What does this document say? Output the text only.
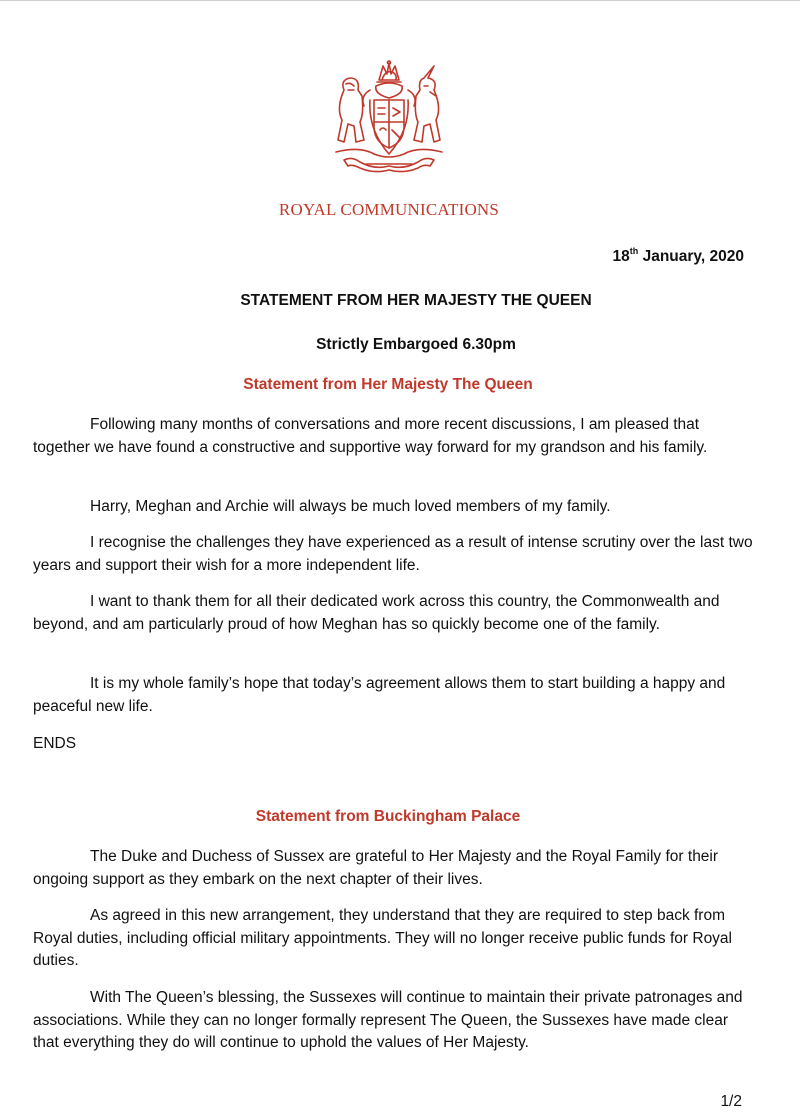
ROYAL COMMUNICATIONS
18th January, 2020
STATEMENT FROM HER MAJESTY THE QUEEN
Strictly Embargoed 6.30pm
Statement from Her Majesty The Queen

Following many months of conversations and more recent discussions, I am pleased that together we have found a constructive and supportive way forward for my grandson and his family.

Harry, Meghan and Archie will always be much loved members of my family.

I recognise the challenges they have experienced as a result of intense scrutiny over the last two years and support their wish for a more independent life.

I want to thank them for all their dedicated work across this country, the Commonwealth and beyond, and am particularly proud of how Meghan has so quickly become one of the family.

It is my whole family’s hope that today’s agreement allows them to start building a happy and peaceful new life.

ENDS
Statement from Buckingham Palace

The Duke and Duchess of Sussex are grateful to Her Majesty and the Royal Family for their ongoing support as they embark on the next chapter of their lives.

As agreed in this new arrangement, they understand that they are required to step back from Royal duties, including official military appointments. They will no longer receive public funds for Royal duties.

With The Queen’s blessing, the Sussexes will continue to maintain their private patronages and associations. While they can no longer formally represent The Queen, the Sussexes have made clear that everything they do will continue to uphold the values of Her Majesty.

1/2
